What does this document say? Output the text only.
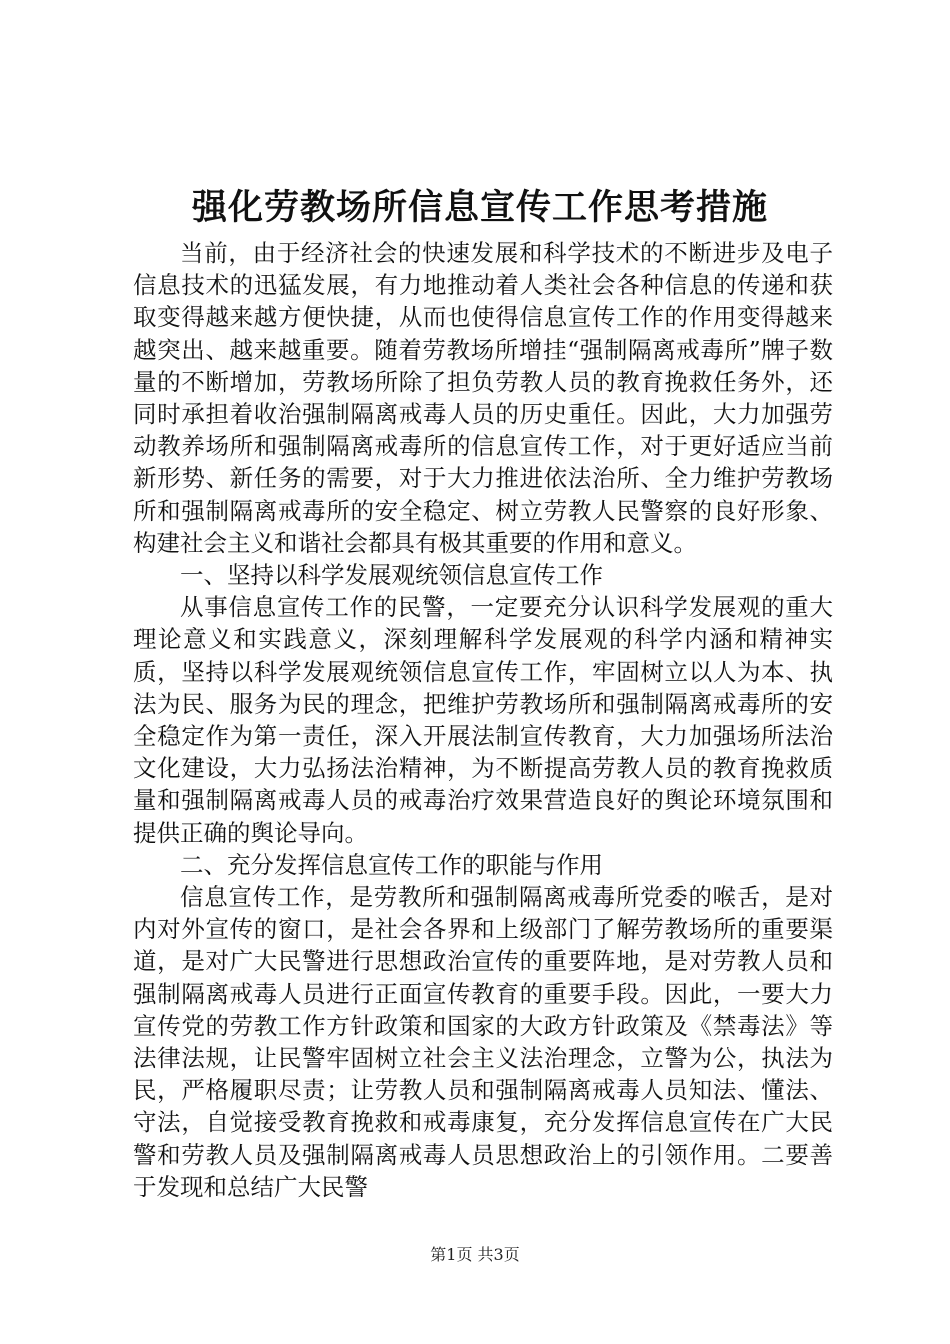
强化劳教场所信息宣传工作思考措施

当前，由于经济社会的快速发展和科学技术的不断进步及电子信息技术的迅猛发展，有力地推动着人类社会各种信息的传递和获取变得越来越方便快捷，从而也使得信息宣传工作的作用变得越来越突出、越来越重要。随着劳教场所增挂“强制隔离戒毒所”牌子数量的不断增加，劳教场所除了担负劳教人员的教育挽救任务外，还同时承担着收治强制隔离戒毒人员的历史重任。因此，大力加强劳动教养场所和强制隔离戒毒所的信息宣传工作，对于更好适应当前新形势、新任务的需要，对于大力推进依法治所、全力维护劳教场所和强制隔离戒毒所的安全稳定、树立劳教人民警察的良好形象、构建社会主义和谐社会都具有极其重要的作用和意义。

一、坚持以科学发展观统领信息宣传工作

从事信息宣传工作的民警，一定要充分认识科学发展观的重大理论意义和实践意义，深刻理解科学发展观的科学内涵和精神实质，坚持以科学发展观统领信息宣传工作，牢固树立以人为本、执法为民、服务为民的理念，把维护劳教场所和强制隔离戒毒所的安全稳定作为第一责任，深入开展法制宣传教育，大力加强场所法治文化建设，大力弘扬法治精神，为不断提高劳教人员的教育挽救质量和强制隔离戒毒人员的戒毒治疗效果营造良好的舆论环境氛围和提供正确的舆论导向。

二、充分发挥信息宣传工作的职能与作用

信息宣传工作，是劳教所和强制隔离戒毒所党委的喉舌，是对内对外宣传的窗口，是社会各界和上级部门了解劳教场所的重要渠道，是对广大民警进行思想政治宣传的重要阵地，是对劳教人员和强制隔离戒毒人员进行正面宣传教育的重要手段。因此，一要大力宣传党的劳教工作方针政策和国家的大政方针政策及《禁毒法》等法律法规，让民警牢固树立社会主义法治理念，立警为公，执法为民，严格履职尽责；让劳教人员和强制隔离戒毒人员知法、懂法、守法，自觉接受教育挽救和戒毒康复，充分发挥信息宣传在广大民警和劳教人员及强制隔离戒毒人员思想政治上的引领作用。二要善于发现和总结广大民警

第1页 共3页
